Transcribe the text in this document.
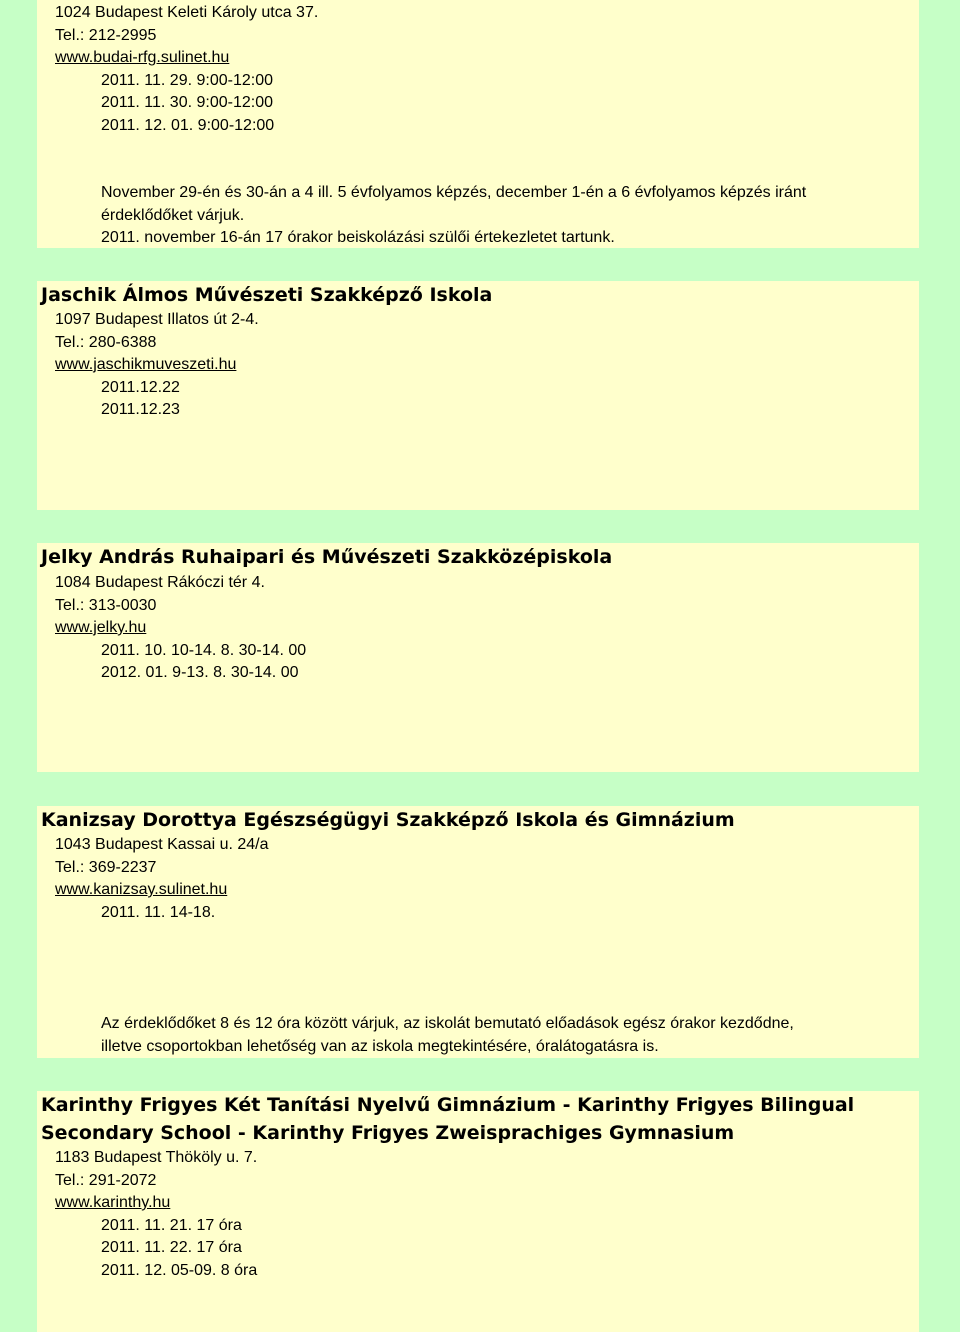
1024 Budapest Keleti Károly utca 37.
Tel.: 212-2995
www.budai-rfg.sulinet.hu
2011. 11. 29. 9:00-12:00
2011. 11. 30. 9:00-12:00
2011. 12. 01. 9:00-12:00
November 29-én és 30-án a 4 ill. 5 évfolyamos képzés, december 1-én a 6 évfolyamos képzés iránt
érdeklődőket várjuk.
2011. november 16-án 17 órakor beiskolázási szülői értekezletet tartunk.
Jaschik Álmos Művészeti Szakképző Iskola
1097 Budapest Illatos út 2-4.
Tel.: 280-6388
www.jaschikmuveszeti.hu
2011.12.22
2011.12.23
Jelky András Ruhaipari és Művészeti Szakközépiskola
1084 Budapest Rákóczi tér 4.
Tel.: 313-0030
www.jelky.hu
2011. 10. 10-14. 8. 30-14. 00
2012. 01. 9-13. 8. 30-14. 00
Kanizsay Dorottya Egészségügyi Szakképző Iskola és Gimnázium
1043 Budapest Kassai u. 24/a
Tel.: 369-2237
www.kanizsay.sulinet.hu
2011. 11. 14-18.
Az érdeklődőket 8 és 12 óra között várjuk, az iskolát bemutató előadások egész órakor kezdődne,
illetve csoportokban lehetőség van az iskola megtekintésére, óralátogatásra is.
Karinthy Frigyes Két Tanítási Nyelvű Gimnázium - Karinthy Frigyes Bilingual
Secondary School - Karinthy Frigyes Zweisprachiges Gymnasium
1183 Budapest Thököly u. 7.
Tel.: 291-2072
www.karinthy.hu
2011. 11. 21. 17 óra
2011. 11. 22. 17 óra
2011. 12. 05-09. 8 óra
